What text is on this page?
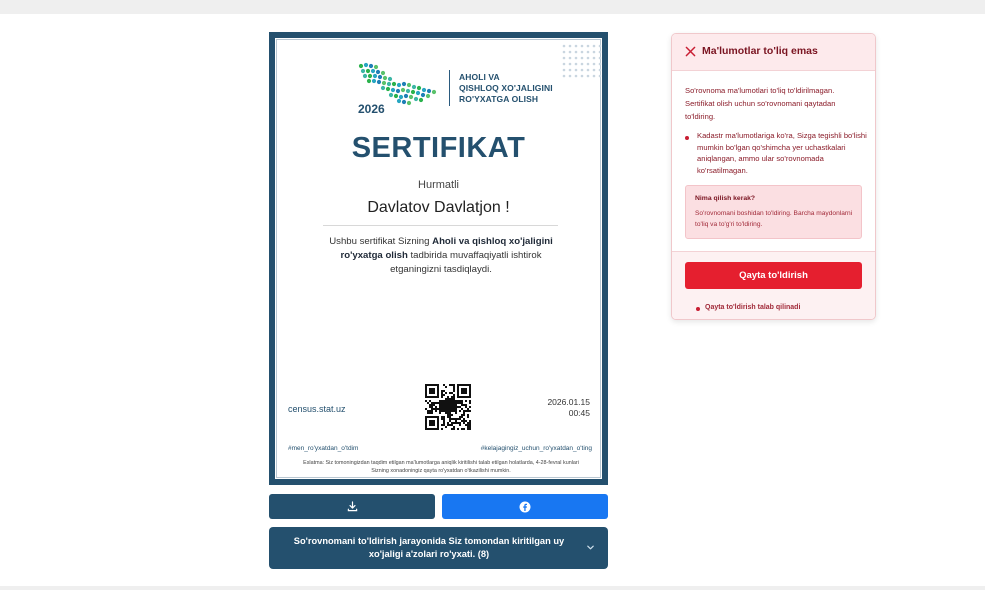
2026
AHOLI VA
QISHLOQ XO'JALIGINI
RO'YXATGA OLISH
SERTIFIKAT
Hurmatli
Davlatov Davlatjon !
Ushbu sertifikat Sizning Aholi va qishloq xo'jaligini ro'yxatga olish tadbirida muvaffaqiyatli ishtirok etganingizni tasdiqlaydi.
census.stat.uz
2026.01.15
00:45
#men_ro'yxatdan_o'tdim	#kelajagingiz_uchun_ro'yxatdan_o'ting
Eslatma: Siz tomoningizdan taqdim etilgan ma'lumotlarga aniqlik kiritilishi talab etilgan holatlarda, 4-28-fevral kunlari Sizning xonadoningiz qayta ro'yxatdan o'tkazilishi mumkin.
So'rovnomani to'ldirish jarayonida Siz tomondan kiritilgan uy xo'jaligi a'zolari ro'yxati. (8)
Ma'lumotlar to'liq emas
So'rovnoma ma'lumotlari to'liq to'ldirilmagan. Sertifikat olish uchun so'rovnomani qaytadan to'ldiring.
Kadastr ma'lumotlariga ko'ra, Sizga tegishli bo'lishi mumkin bo'lgan qo'shimcha yer uchastkalari aniqlangan, ammo ular so'rovnomada ko'rsatilmagan.
Nima qilish kerak?
So'rovnomani boshidan to'ldiring. Barcha maydonlarni to'liq va to'g'ri to'ldiring.
Qayta to'ldirish
Qayta to'ldirish talab qilinadi
